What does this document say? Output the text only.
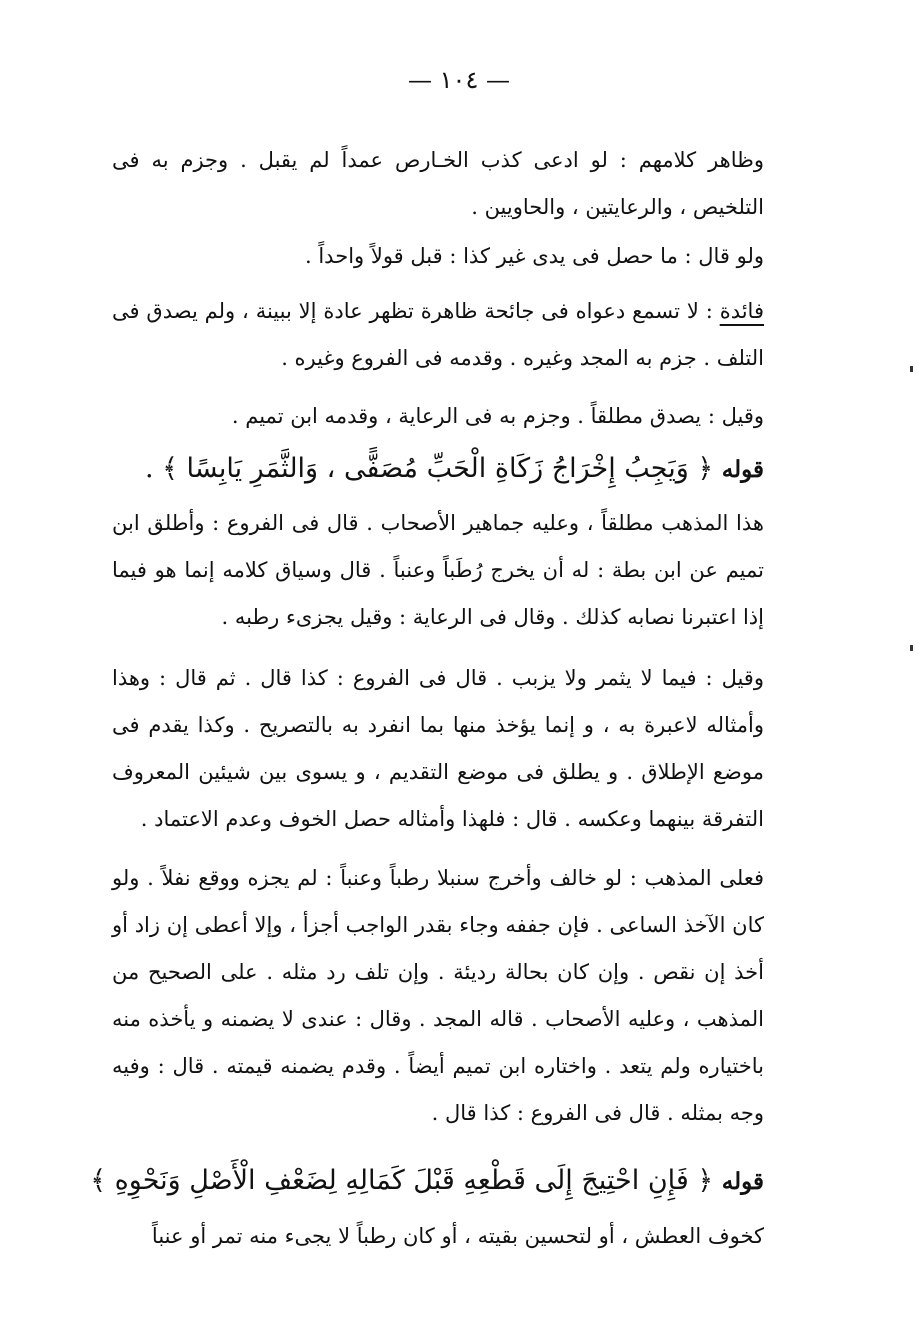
— ١٠٤ —
وظاهر كلامهم : لو ادعى كذب الخـارص عمداً لم يقبل . وجزم به فى التلخيص ، والرعايتين ، والحاويين .
ولو قال : ما حصل فى يدى غير كذا : قبل قولاً واحداً .
فائدة : لا تسمع دعواه فى جائحة ظاهرة تظهر عادة إلا ببينة ، ولم يصدق فى التلف . جزم به المجد وغيره . وقدمه فى الفروع وغيره .
وقيل : يصدق مطلقاً . وجزم به فى الرعاية ، وقدمه ابن تميم .
قوله ﴿ وَيَجِبُ إِخْرَاجُ زَكَاةِ الْحَبِّ مُصَفًّى ، وَالثَّمَرِ يَابِسًا ﴾ .
هذا المذهب مطلقاً ، وعليه جماهير الأصحاب . قال فى الفروع : وأطلق ابن تميم عن ابن بطة : له أن يخرج رُطَباً وعنباً . قال وسياق كلامه إنما هو فيما إذا اعتبرنا نصابه كذلك . وقال فى الرعاية : وقيل يجزىء رطبه .
وقيل : فيما لا يثمر ولا يزبب . قال فى الفروع : كذا قال . ثم قال : وهذا وأمثاله لاعبرة به ، و إنما يؤخذ منها بما انفرد به بالتصريح . وكذا يقدم فى موضع الإطلاق . و يطلق فى موضع التقديم ، و يسوى بين شيئين المعروف التفرقة بينهما وعكسه . قال : فلهذا وأمثاله حصل الخوف وعدم الاعتماد .
فعلى المذهب : لو خالف وأخرج سنبلا رطباً وعنباً : لم يجزه ووقع نفلاً . ولو كان الآخذ الساعى . فإن جففه وجاء بقدر الواجب أجزأ ، وإلا أعطى إن زاد أو أخذ إن نقص . وإن كان بحالة رديئة . وإن تلف رد مثله . على الصحيح من المذهب ، وعليه الأصحاب . قاله المجد . وقال : عندى لا يضمنه و يأخذه منه باختياره ولم يتعد . واختاره ابن تميم أيضاً . وقدم يضمنه قيمته . قال : وفيه وجه بمثله . قال فى الفروع : كذا قال .
قوله ﴿ فَإِنِ احْتِيجَ إِلَى قَطْعِهِ قَبْلَ كَمَالِهِ لِضَعْفِ الْأَصْلِ وَنَحْوِهِ ﴾
كخوف العطش ، أو لتحسين بقيته ، أو كان رطباً لا يجىء منه تمر أو عنباً
